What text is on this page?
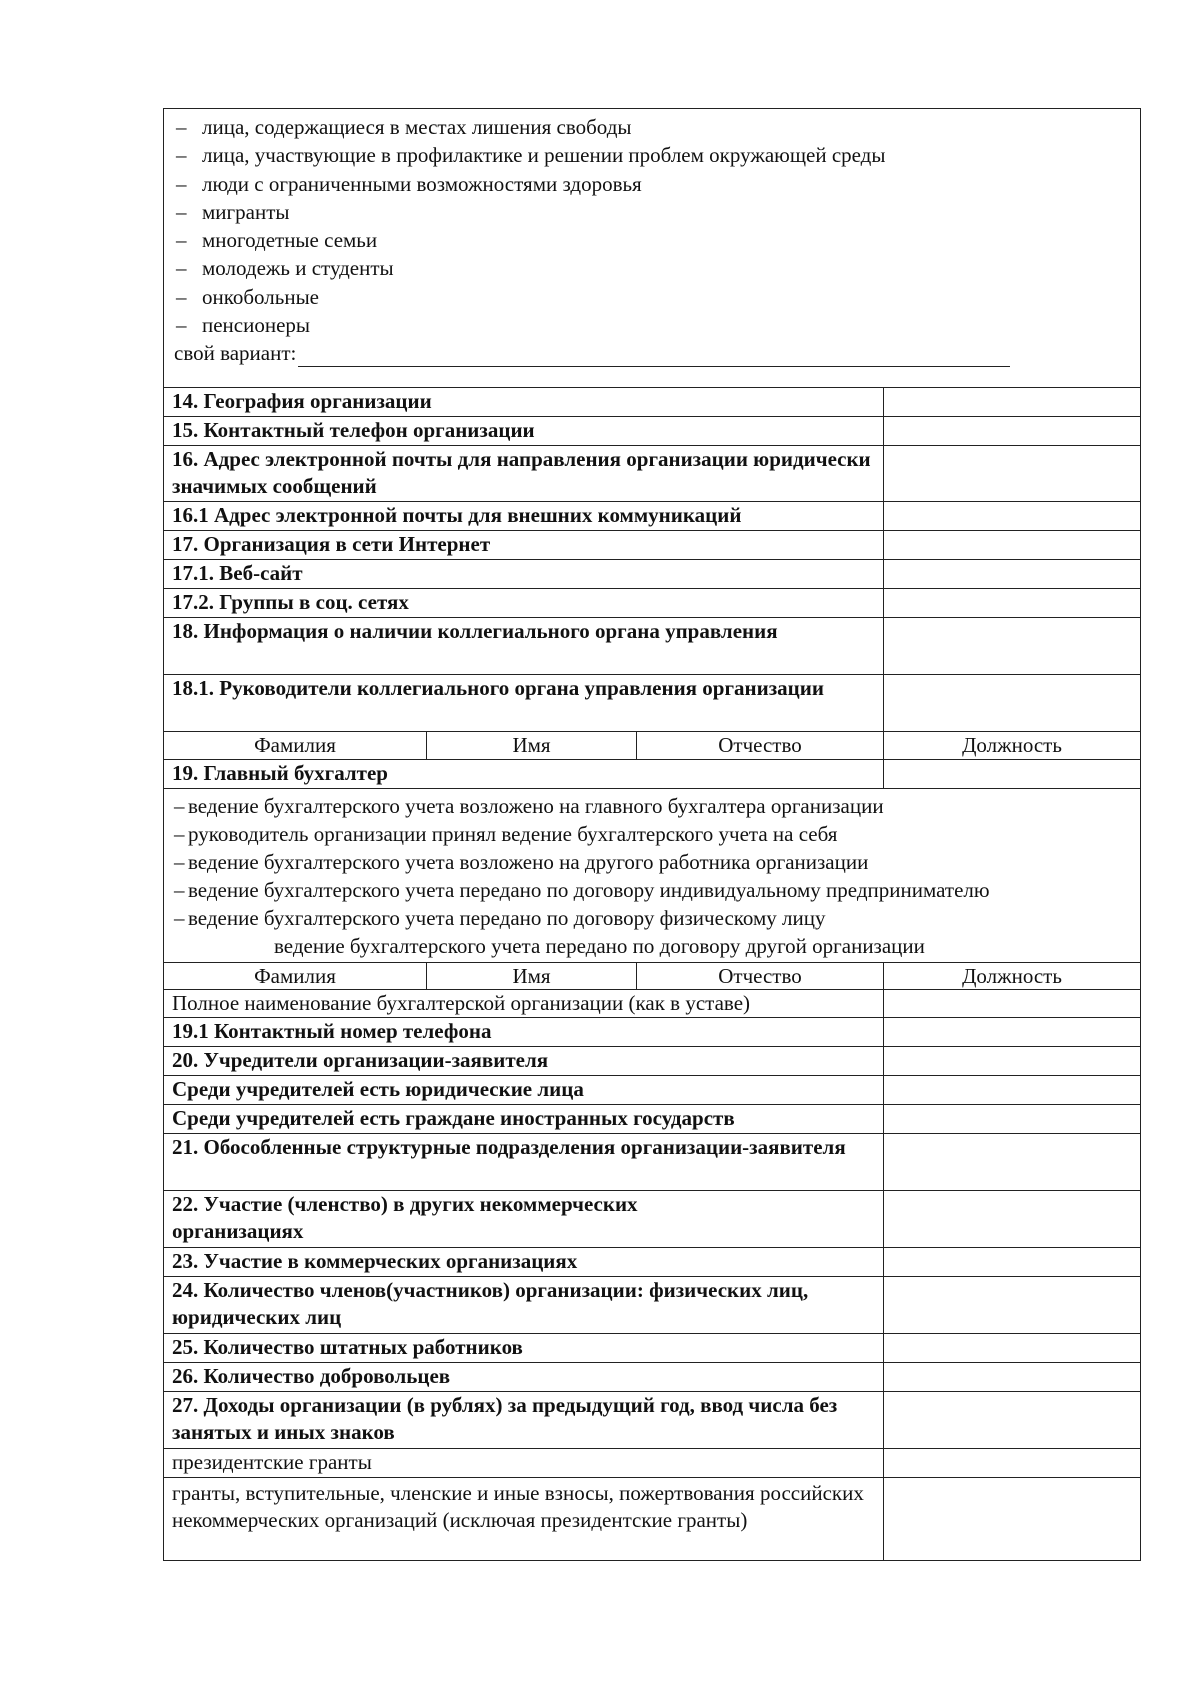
– лица, содержащиеся в местах лишения свободы
– лица, участвующие в профилактике и решении проблем окружающей среды
– люди с ограниченными возможностями здоровья
– мигранты
– многодетные семьи
– молодежь и студенты
– онкобольные
– пенсионеры
свой вариант:
14. География организации
15. Контактный телефон организации
16. Адрес электронной почты для направления организации юридически значимых сообщений
16.1 Адрес электронной почты для внешних коммуникаций
17. Организация в сети Интернет
17.1. Веб-сайт
17.2. Группы в соц. сетях
18. Информация о наличии коллегиального органа управления
18.1. Руководители коллегиального органа управления организации
Фамилия	Имя	Отчество	Должность
19. Главный бухгалтер
– ведение бухгалтерского учета возложено на главного бухгалтера организации
– руководитель организации принял ведение бухгалтерского учета на себя
– ведение бухгалтерского учета возложено на другого работника организации
– ведение бухгалтерского учета передано по договору индивидуальному предпринимателю
– ведение бухгалтерского учета передано по договору физическому лицу
ведение бухгалтерского учета передано по договору другой организации
Фамилия	Имя	Отчество	Должность
Полное наименование бухгалтерской организации (как в уставе)
19.1 Контактный номер телефона
20. Учредители организации-заявителя
Среди учредителей есть юридические лица
Среди учредителей есть граждане иностранных государств
21. Обособленные структурные подразделения организации-заявителя
22. Участие (членство) в других некоммерческих организациях
23. Участие в коммерческих организациях
24. Количество членов(участников) организации: физических лиц, юридических лиц
25. Количество штатных работников
26. Количество добровольцев
27. Доходы организации (в рублях) за предыдущий год, ввод числа без занятых и иных знаков
президентские гранты
гранты, вступительные, членские и иные взносы, пожертвования российских некоммерческих организаций (исключая президентские гранты)
